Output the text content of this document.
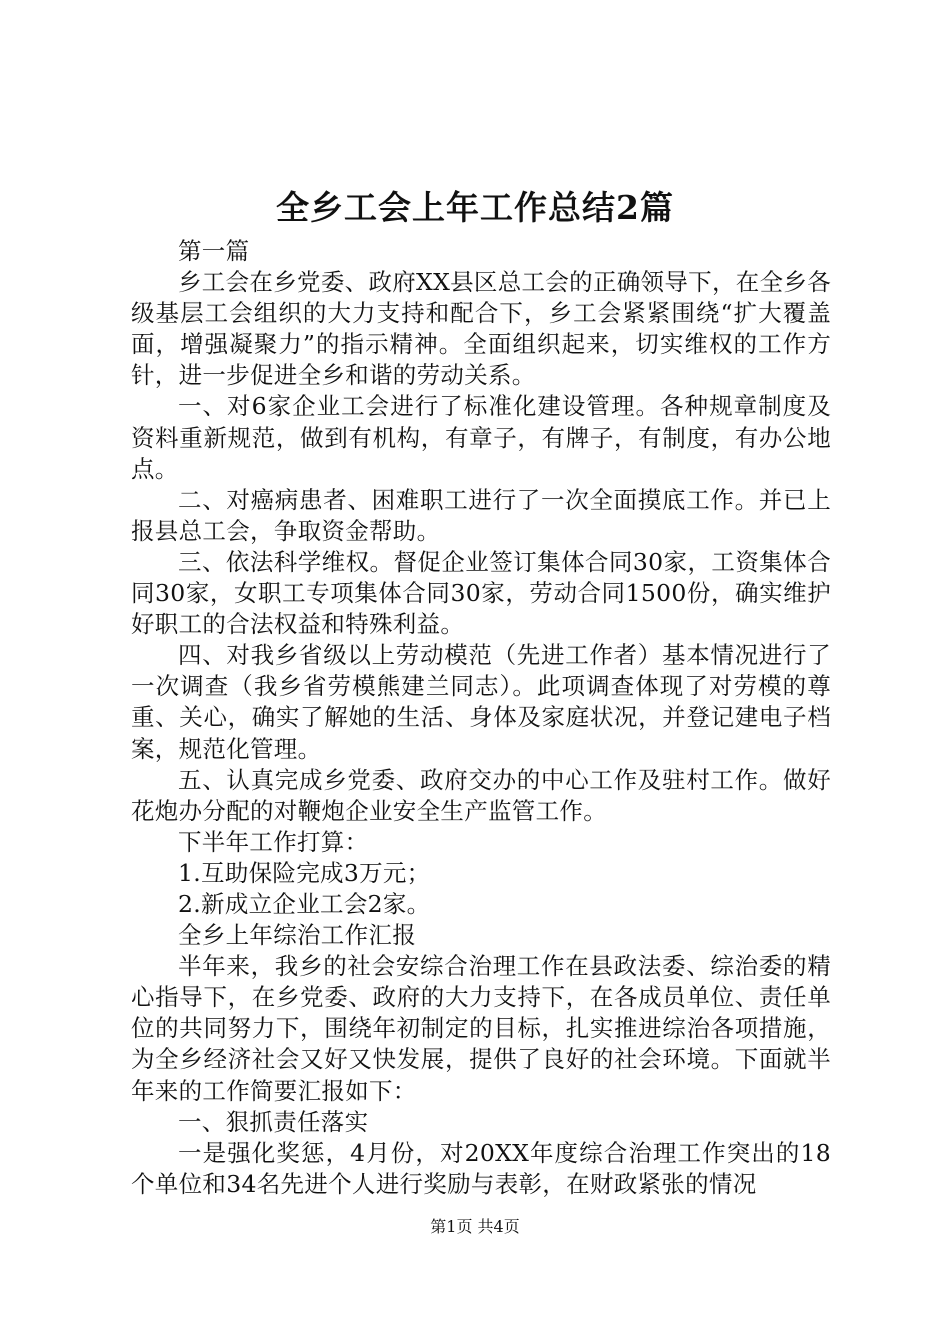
全乡工会上年工作总结2篇

第一篇

乡工会在乡党委、政府XX县区总工会的正确领导下，在全乡各级基层工会组织的大力支持和配合下，乡工会紧紧围绕“扩大覆盖面，增强凝聚力”的指示精神。全面组织起来，切实维权的工作方针，进一步促进全乡和谐的劳动关系。

一、对6家企业工会进行了标准化建设管理。各种规章制度及资料重新规范，做到有机构，有章子，有牌子，有制度，有办公地点。

二、对癌病患者、困难职工进行了一次全面摸底工作。并已上报县总工会，争取资金帮助。

三、依法科学维权。督促企业签订集体合同30家，工资集体合同30家，女职工专项集体合同30家，劳动合同1500份，确实维护好职工的合法权益和特殊利益。

四、对我乡省级以上劳动模范（先进工作者）基本情况进行了一次调查（我乡省劳模熊建兰同志）。此项调查体现了对劳模的尊重、关心，确实了解她的生活、身体及家庭状况，并登记建电子档案，规范化管理。

五、认真完成乡党委、政府交办的中心工作及驻村工作。做好花炮办分配的对鞭炮企业安全生产监管工作。

下半年工作打算：

1.互助保险完成3万元；

2.新成立企业工会2家。

全乡上年综治工作汇报

半年来，我乡的社会安综合治理工作在县政法委、综治委的精心指导下，在乡党委、政府的大力支持下，在各成员单位、责任单位的共同努力下，围绕年初制定的目标，扎实推进综治各项措施，为全乡经济社会又好又快发展，提供了良好的社会环境。下面就半年来的工作简要汇报如下：

一、狠抓责任落实

一是强化奖惩，4月份，对20XX年度综合治理工作突出的18个单位和34名先进个人进行奖励与表彰，在财政紧张的情况

第1页 共4页
